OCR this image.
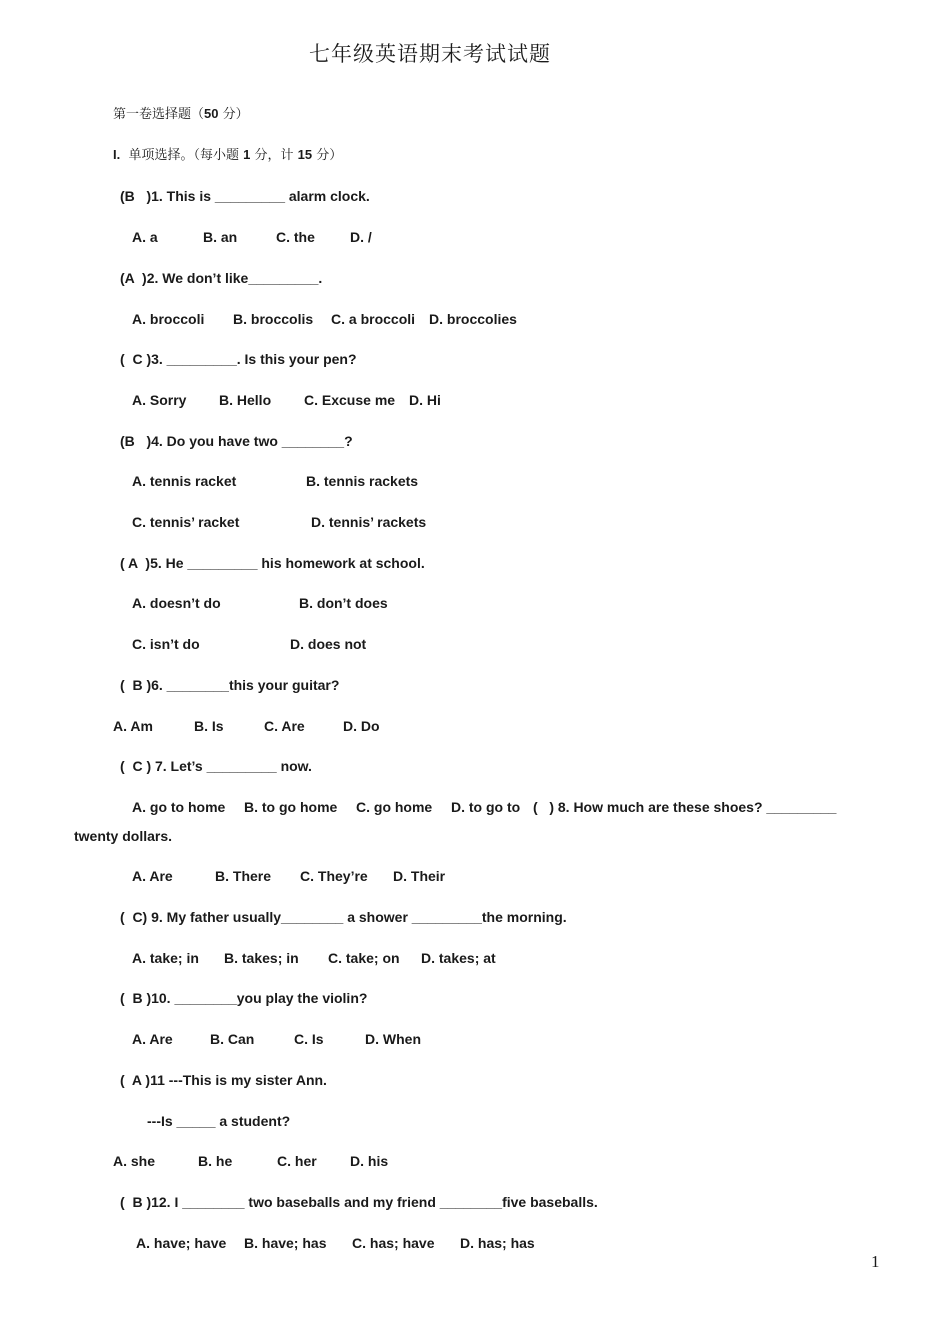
七年级英语期末考试试题
第一卷选择题（50 分）
I. 单项选择。（每小题 1 分，计 15 分）
(B   )1. This is _________ alarm clock.
A. a	B. an	C. the	D. /
(A  )2. We don’t like_________.
A. broccoli B. broccolis C. a broccoli D. broccolies
(  C )3. _________. Is this your pen?
A. Sorry B. Hello C. Excuse me D. Hi
(B   )4. Do you have two ________?
A. tennis racket	B. tennis rackets
C. tennis’ racket	D. tennis’ rackets
( A  )5. He _________ his homework at school.
A. doesn’t do	B. don’t does
C. isn’t do	D. does not
(  B )6. ________this your guitar?
A. Am	B. Is	C. Are	D. Do
(  C ) 7. Let’s _________ now.
A. go to home B. to go home C. go home D. to go to (   ) 8. How much are these shoes? _________
twenty dollars.
A. Are	B. There C. They’re D. Their
(  C) 9. My father usually________ a shower _________the morning.
A. take; in B. takes; in C. take; on D. takes; at
(  B )10. ________you play the violin?
A. Are	B. Can	C. Is	D. When
(  A )11 ---This is my sister Ann.
---Is _____ a student?
A. she	B. he	C. her D. his
(  B )12. I ________ two baseballs and my friend ________five baseballs.
A. have; have B. have; has C. has; have D. has; has
1
